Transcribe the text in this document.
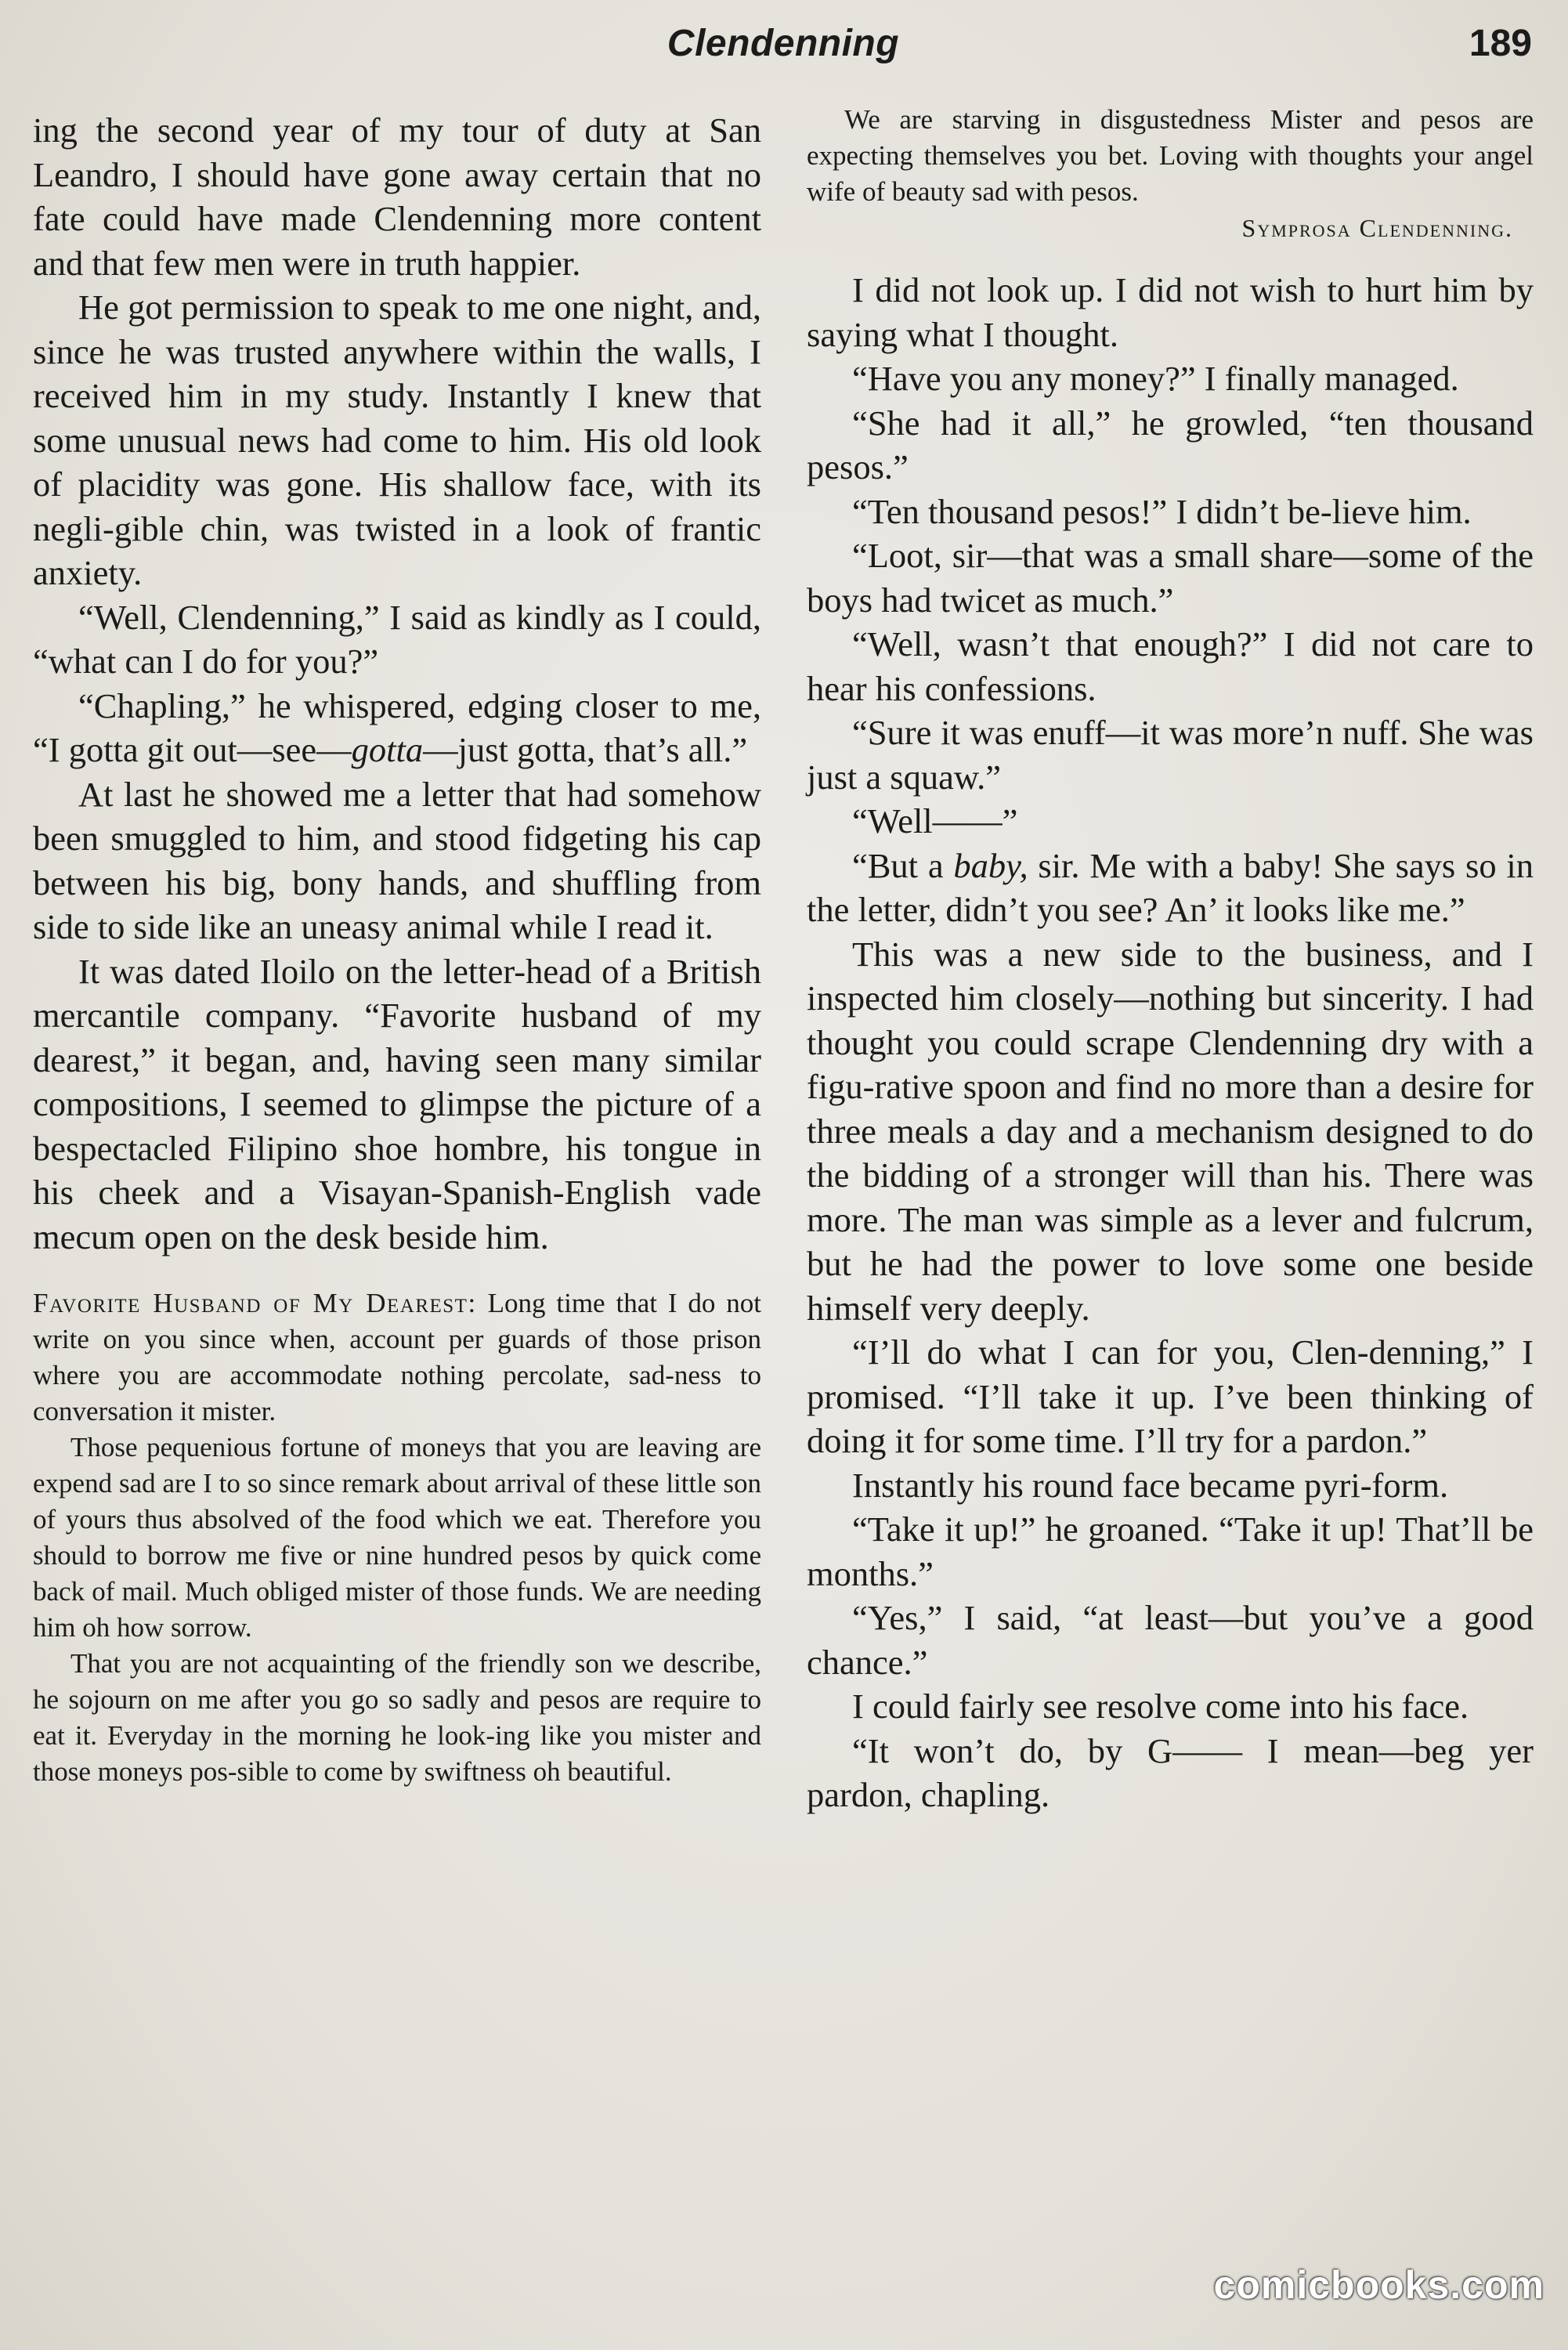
Clendenning	189

ing the second year of my tour of duty at San Leandro, I should have gone away certain that no fate could have made Clendenning more content and that few men were in truth happier.

He got permission to speak to me one night, and, since he was trusted anywhere within the walls, I received him in my study. Instantly I knew that some unusual news had come to him. His old look of placidity was gone. His shallow face, with its negli-gible chin, was twisted in a look of frantic anxiety.

“Well, Clendenning,” I said as kindly as I could, “what can I do for you?”

“Chapling,” he whispered, edging closer to me, “I gotta git out—see—gotta—just gotta, that’s all.”

At last he showed me a letter that had somehow been smuggled to him, and stood fidgeting his cap between his big, bony hands, and shuffling from side to side like an uneasy animal while I read it.

It was dated Iloilo on the letter-head of a British mercantile company. “Favorite husband of my dearest,” it began, and, having seen many similar compositions, I seemed to glimpse the picture of a bespectacled Filipino shoe hombre, his tongue in his cheek and a Visayan-Spanish-English vade mecum open on the desk beside him.

Favorite Husband of My Dearest: Long time that I do not write on you since when, account per guards of those prison where you are accommodate nothing percolate, sad-ness to conversation it mister.

Those pequenious fortune of moneys that you are leaving are expend sad are I to so since remark about arrival of these little son of yours thus absolved of the food which we eat. Therefore you should to borrow me five or nine hundred pesos by quick come back of mail. Much obliged mister of those funds. We are needing him oh how sorrow.

That you are not acquainting of the friendly son we describe, he sojourn on me after you go so sadly and pesos are require to eat it. Everyday in the morning he look-ing like you mister and those moneys pos-sible to come by swiftness oh beautiful.

We are starving in disgustedness Mister and pesos are expecting themselves you bet. Loving with thoughts your angel wife of beauty sad with pesos.

Symprosa Clendenning.

I did not look up. I did not wish to hurt him by saying what I thought.

“Have you any money?” I finally managed.

“She had it all,” he growled, “ten thousand pesos.”

“Ten thousand pesos!” I didn’t be-lieve him.

“Loot, sir—that was a small share—some of the boys had twicet as much.”

“Well, wasn’t that enough?” I did not care to hear his confessions.

“Sure it was enuff—it was more’n nuff. She was just a squaw.”

“Well——”

“But a baby, sir. Me with a baby! She says so in the letter, didn’t you see? An’ it looks like me.”

This was a new side to the business, and I inspected him closely—nothing but sincerity. I had thought you could scrape Clendenning dry with a figu-rative spoon and find no more than a desire for three meals a day and a mechanism designed to do the bidding of a stronger will than his. There was more. The man was simple as a lever and fulcrum, but he had the power to love some one beside himself very deeply.

“I’ll do what I can for you, Clen-denning,” I promised. “I’ll take it up. I’ve been thinking of doing it for some time. I’ll try for a pardon.”

Instantly his round face became pyri-form.

“Take it up!” he groaned. “Take it up! That’ll be months.”

“Yes,” I said, “at least—but you’ve a good chance.”

I could fairly see resolve come into his face.

“It won’t do, by G—— I mean—beg yer pardon, chapling.

comicbooks.com
